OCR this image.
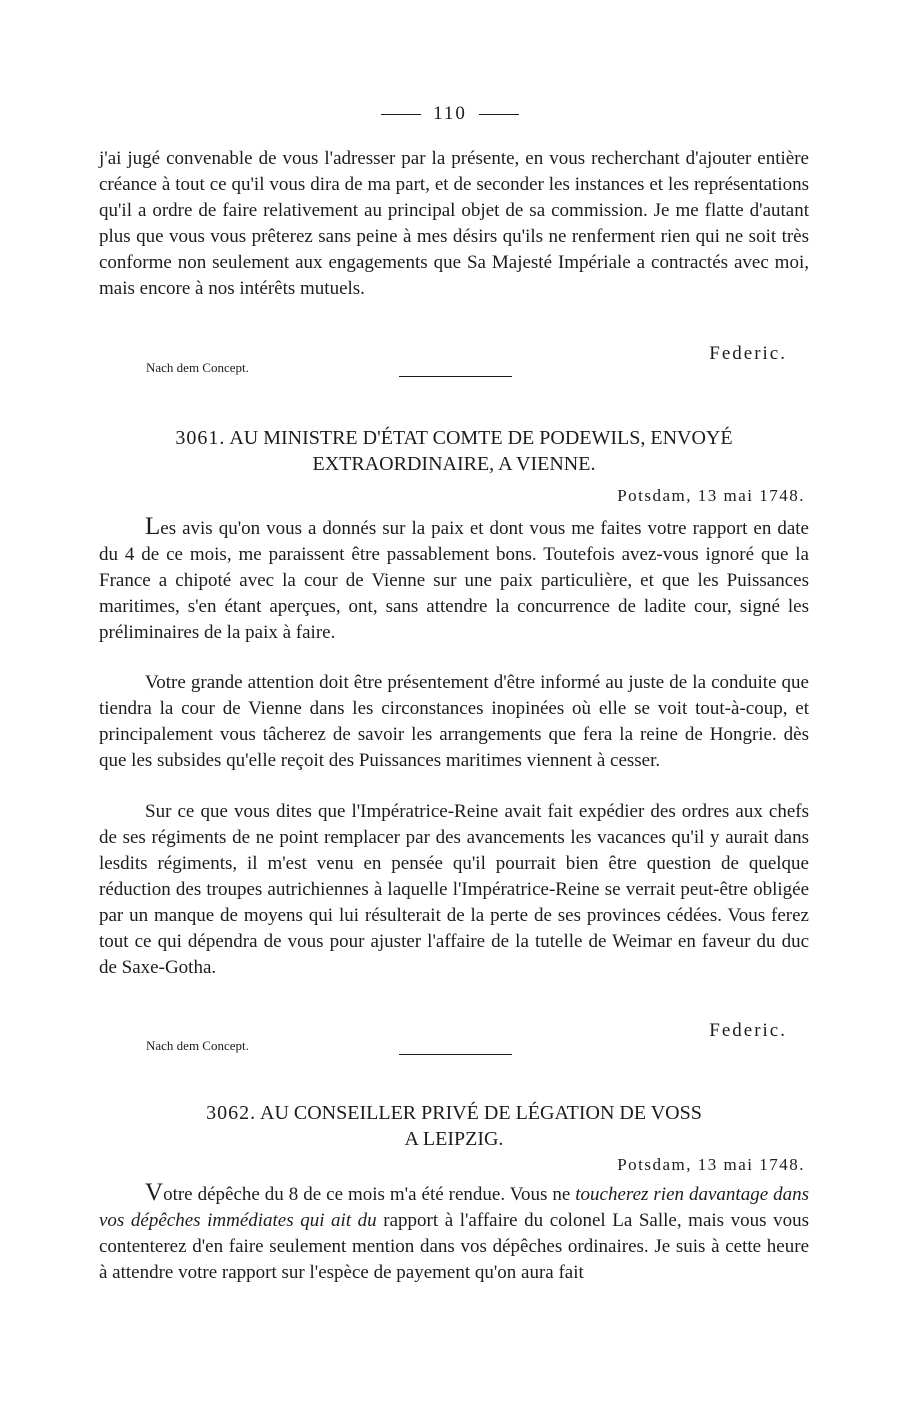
110

j'ai jugé convenable de vous l'adresser par la présente, en vous recherchant d'ajouter entière créance à tout ce qu'il vous dira de ma part, et de seconder les instances et les représentations qu'il a ordre de faire relativement au principal objet de sa commission. Je me flatte d'autant plus que vous vous prêterez sans peine à mes désirs qu'ils ne renferment rien qui ne soit très conforme non seulement aux engagements que Sa Majesté Impériale a contractés avec moi, mais encore à nos intérêts mutuels.

Federic.
Nach dem Concept.
3061. AU MINISTRE D'ÉTAT COMTE DE PODEWILS, ENVOYÉ
EXTRAORDINAIRE, A VIENNE.
Potsdam, 13 mai 1748.

Les avis qu'on vous a donnés sur la paix et dont vous me faites votre rapport en date du 4 de ce mois, me paraissent être passablement bons. Toutefois avez-vous ignoré que la France a chipoté avec la cour de Vienne sur une paix particulière, et que les Puissances maritimes, s'en étant aperçues, ont, sans attendre la concurrence de ladite cour, signé les préliminaires de la paix à faire.

Votre grande attention doit être présentement d'être informé au juste de la conduite que tiendra la cour de Vienne dans les circonstances inopinées où elle se voit tout-à-coup, et principalement vous tâcherez de savoir les arrangements que fera la reine de Hongrie. dès que les subsides qu'elle reçoit des Puissances maritimes viennent à cesser.

Sur ce que vous dites que l'Impératrice-Reine avait fait expédier des ordres aux chefs de ses régiments de ne point remplacer par des avancements les vacances qu'il y aurait dans lesdits régiments, il m'est venu en pensée qu'il pourrait bien être question de quelque réduction des troupes autrichiennes à laquelle l'Impératrice-Reine se verrait peut-être obligée par un manque de moyens qui lui résulterait de la perte de ses provinces cédées. Vous ferez tout ce qui dépendra de vous pour ajuster l'affaire de la tutelle de Weimar en faveur du duc de Saxe-Gotha.

Federic.
Nach dem Concept.
3062. AU CONSEILLER PRIVÉ DE LÉGATION DE VOSS
A LEIPZIG.
Potsdam, 13 mai 1748.

Votre dépêche du 8 de ce mois m'a été rendue. Vous ne toucherez rien davantage dans vos dépêches immédiates qui ait du rapport à l'affaire du colonel La Salle, mais vous vous contenterez d'en faire seulement mention dans vos dépêches ordinaires. Je suis à cette heure à attendre votre rapport sur l'espèce de payement qu'on aura fait
